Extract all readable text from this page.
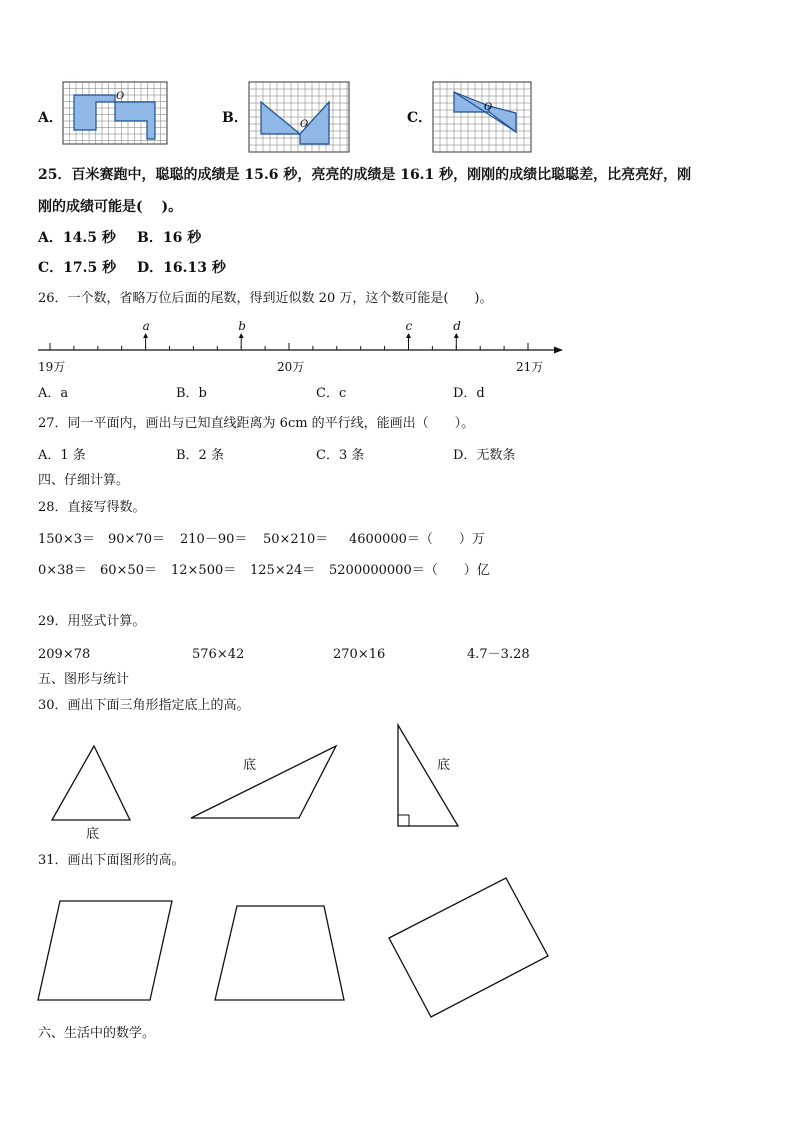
A．
O
B．	O	C．
O
25．百米赛跑中，聪聪的成绩是 15.6 秒，亮亮的成绩是 16.1 秒，刚刚的成绩比聪聪差，比亮亮好，刚
刚的成绩可能是(　 )。
A．14.5 秒 B．16 秒
C．17.5 秒 D．16.13 秒
26．一个数，省略万位后面的尾数，得到近似数 20 万，这个数可能是(　　)。
19万	20万	21万
a	b	c	d
A．a	B．b	C．c	D．d
27．同一平面内，画出与已知直线距离为 6cm 的平行线，能画出（　　）。
A．1 条	B．2 条	C．3 条	D．无数条
四、仔细计算。
28．直接写得数。
150×3＝ 90×70＝ 210－90＝ 50×210＝ 4600000＝（　　）万
0×38＝ 60×50＝ 12×500＝ 125×24＝ 5200000000＝（　　）亿
29．用竖式计算。
209×78	576×42	270×16	4.7－3.28
五、图形与统计
30．画出下面三角形指定底上的高。
底
底	底
31．画出下面图形的高。
六、生活中的数学。
